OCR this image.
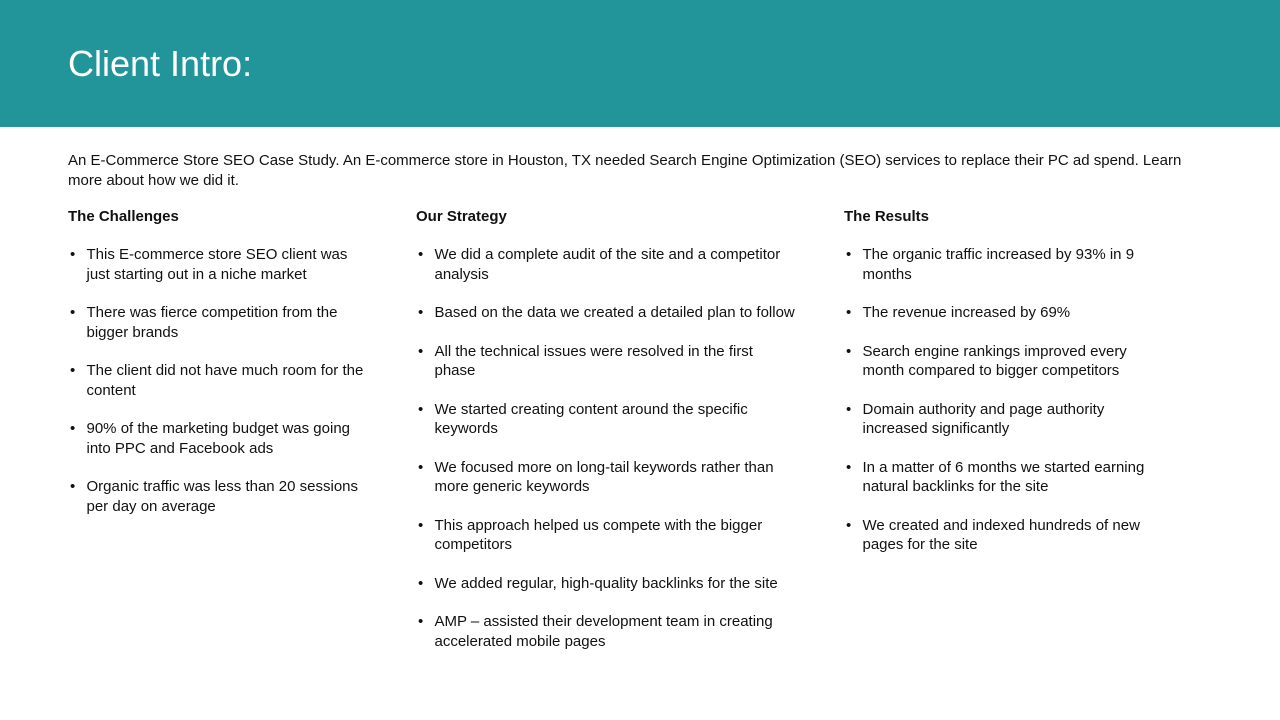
Client Intro:

An E-Commerce Store SEO Case Study. An E-commerce store in Houston, TX needed Search Engine Optimization (SEO) services to replace their PC ad spend. Learn more about how we did it.

The Challenges
• This E-commerce store SEO client was just starting out in a niche market
• There was fierce competition from the bigger brands
• The client did not have much room for the content
• 90% of the marketing budget was going into PPC and Facebook ads
• Organic traffic was less than 20 sessions per day on average
Our Strategy
• We did a complete audit of the site and a competitor analysis
• Based on the data we created a detailed plan to follow
• All the technical issues were resolved in the first phase
• We started creating content around the specific keywords
• We focused more on long-tail keywords rather than more generic keywords
• This approach helped us compete with the bigger competitors
• We added regular, high-quality backlinks for the site
• AMP – assisted their development team in creating accelerated mobile pages
The Results
• The organic traffic increased by 93% in 9 months
• The revenue increased by 69%
• Search engine rankings improved every month compared to bigger competitors
• Domain authority and page authority increased significantly
• In a matter of 6 months we started earning natural backlinks for the site
• We created and indexed hundreds of new pages for the site
